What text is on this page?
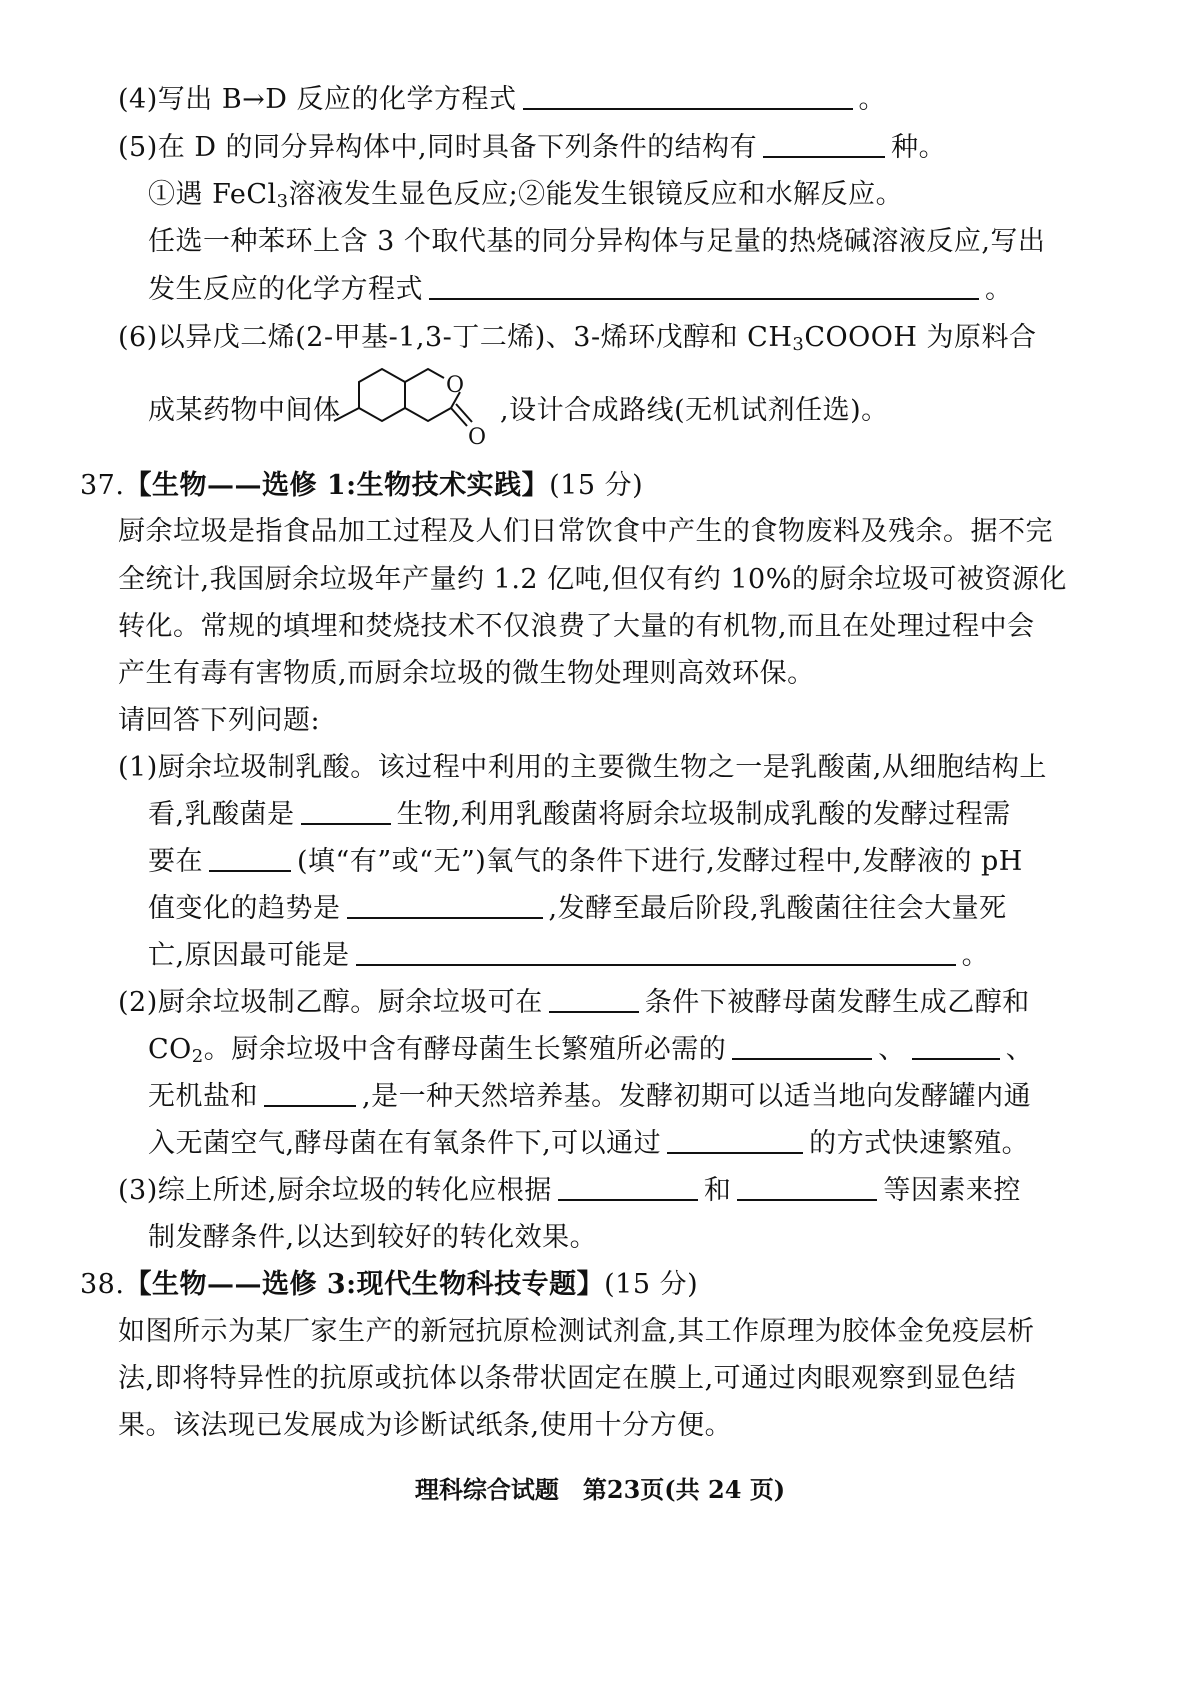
(4)写出 B→D 反应的化学方程式	。
(5)在 D 的同分异构体中,同时具备下列条件的结构有	种。
①遇 FeCl$_3$溶液发生显色反应;②能发生银镜反应和水解反应。
任选一种苯环上含 3 个取代基的同分异构体与足量的热烧碱溶液反应,写出
发生反应的化学方程式	。
(6)以异戊二烯(2-甲基-1,3-丁二烯)、3-烯环戊醇和 $CH_3COOOH$ 为原料合
成某药物中间体
O
O
,设计合成路线(无机试剂任选)。
37.【生物——选修 1:生物技术实践】(15 分)
厨余垃圾是指食品加工过程及人们日常饮食中产生的食物废料及残余。据不完
全统计,我国厨余垃圾年产量约 1.2 亿吨,但仅有约 10%的厨余垃圾可被资源化
转化。常规的填埋和焚烧技术不仅浪费了大量的有机物,而且在处理过程中会
产生有毒有害物质,而厨余垃圾的微生物处理则高效环保。
请回答下列问题:
(1)厨余垃圾制乳酸。该过程中利用的主要微生物之一是乳酸菌,从细胞结构上
看,乳酸菌是	生物,利用乳酸菌将厨余垃圾制成乳酸的发酵过程需
要在	(填“有”或“无”)氧气的条件下进行,发酵过程中,发酵液的 pH
值变化的趋势是	,发酵至最后阶段,乳酸菌往往会大量死
亡,原因最可能是	。
(2)厨余垃圾制乙醇。厨余垃圾可在	条件下被酵母菌发酵生成乙醇和
$CO_2$。厨余垃圾中含有酵母菌生长繁殖所必需的	、	、
无机盐和	,是一种天然培养基。发酵初期可以适当地向发酵罐内通
入无菌空气,酵母菌在有氧条件下,可以通过	的方式快速繁殖。
(3)综上所述,厨余垃圾的转化应根据	和	等因素来控
制发酵条件,以达到较好的转化效果。
38.【生物——选修 3:现代生物科技专题】(15 分)
如图所示为某厂家生产的新冠抗原检测试剂盒,其工作原理为胶体金免疫层析
法,即将特异性的抗原或抗体以条带状固定在膜上,可通过肉眼观察到显色结
果。该法现已发展成为诊断试纸条,使用十分方便。
理科综合试题　第23页(共 24 页)
